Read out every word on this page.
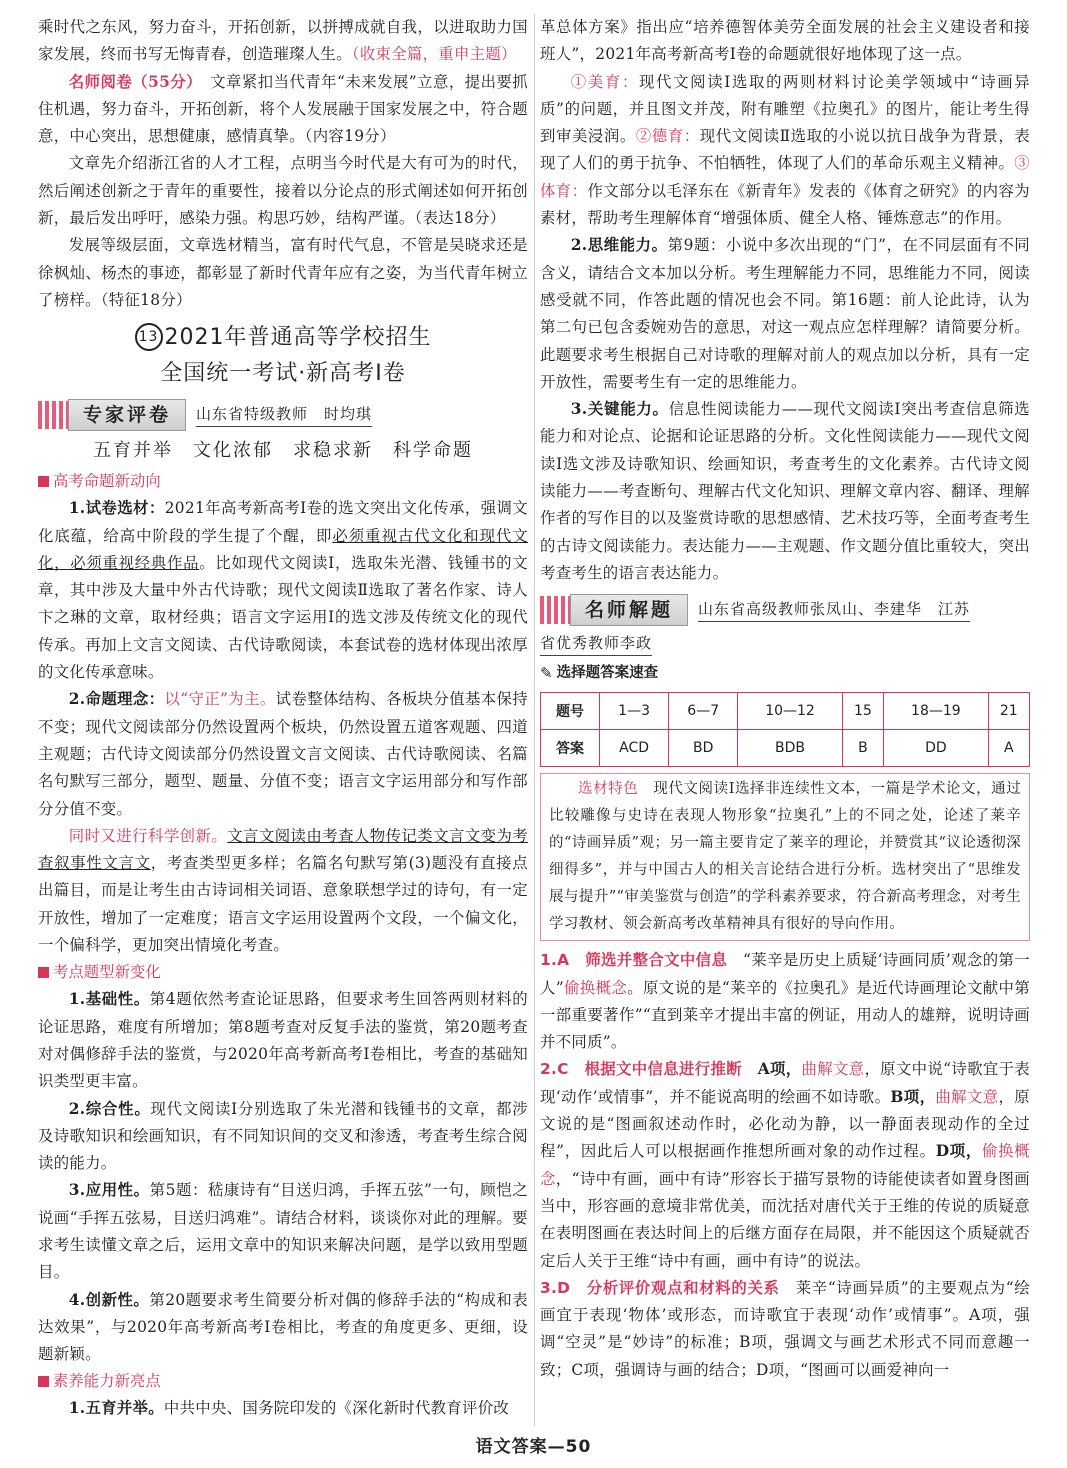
乘时代之东风，努力奋斗，开拓创新，以拼搏成就自我，以进取助力国家发展，终而书写无悔青春，创造璀璨人生。（收束全篇，重申主题）

名师阅卷（55分）　 文章紧扣当代青年“未来发展”立意，提出要抓住机遇，努力奋斗，开拓创新，将个人发展融于国家发展之中，符合题意，中心突出，思想健康，感情真挚。（内容19分）

文章先介绍浙江省的人才工程，点明当今时代是大有可为的时代，然后阐述创新之于青年的重要性，接着以分论点的形式阐述如何开拓创新，最后发出呼吁，感染力强。构思巧妙，结构严谨。（表达18分）

发展等级层面，文章选材精当，富有时代气息，不管是吴晓求还是徐枫灿、杨杰的事迹，都彰显了新时代青年应有之姿，为当代青年树立了榜样。（特征18分）

13 2021年普通高等学校招生
全国统一考试·新高考Ⅰ卷
专家评卷	山东省特级教师　时均琪
五育并举 文化浓郁 求稳求新 科学命题
高考命题新动向

1.试卷选材：2021年高考新高考Ⅰ卷的选文突出文化传承，强调文化底蕴，给高中阶段的学生提了个醒，即必须重视古代文化和现代文化，必须重视经典作品。比如现代文阅读Ⅰ，选取朱光潜、钱锺书的文章，其中涉及大量中外古代诗歌；现代文阅读Ⅱ选取了著名作家、诗人卞之琳的文章，取材经典；语言文字运用Ⅰ的选文涉及传统文化的现代传承。再加上文言文阅读、古代诗歌阅读，本套试卷的选材体现出浓厚的文化传承意味。

2.命题理念：以“守正”为主。试卷整体结构、各板块分值基本保持不变；现代文阅读部分仍然设置两个板块，仍然设置五道客观题、四道主观题；古代诗文阅读部分仍然设置文言文阅读、古代诗歌阅读、名篇名句默写三部分，题型、题量、分值不变；语言文字运用部分和写作部分分值不变。

同时又进行科学创新。文言文阅读由考查人物传记类文言文变为考查叙事性文言文，考查类型更多样；名篇名句默写第(3)题没有直接点出篇目，而是让考生由古诗词相关词语、意象联想学过的诗句，有一定开放性，增加了一定难度；语言文字运用设置两个文段，一个偏文化，一个偏科学，更加突出情境化考查。

考点题型新变化

1.基础性。第4题依然考查论证思路，但要求考生回答两则材料的论证思路，难度有所增加；第8题考查对反复手法的鉴赏，第20题考查对对偶修辞手法的鉴赏，与2020年高考新高考Ⅰ卷相比，考查的基础知识类型更丰富。

2.综合性。现代文阅读Ⅰ分别选取了朱光潜和钱锺书的文章，都涉及诗歌知识和绘画知识，有不同知识间的交叉和渗透，考查考生综合阅读的能力。

3.应用性。第5题：嵇康诗有“目送归鸿，手挥五弦”一句，顾恺之说画“手挥五弦易，目送归鸿难”。请结合材料，谈谈你对此的理解。要求考生读懂文章之后，运用文章中的知识来解决问题，是学以致用型题目。

4.创新性。第20题要求考生简要分析对偶的修辞手法的“构成和表达效果”，与2020年高考新高考Ⅰ卷相比，考查的角度更多、更细，设题新颖。

素养能力新亮点

1.五育并举。中共中央、国务院印发的《深化新时代教育评价改

革总体方案》指出应“培养德智体美劳全面发展的社会主义建设者和接班人”，2021年高考新高考Ⅰ卷的命题就很好地体现了这一点。

①美育：现代文阅读Ⅰ选取的两则材料讨论美学领域中“诗画异质”的问题，并且图文并茂，附有雕塑《拉奥孔》的图片，能让考生得到审美浸润。②德育：现代文阅读Ⅱ选取的小说以抗日战争为背景，表现了人们的勇于抗争、不怕牺牲，体现了人们的革命乐观主义精神。③体育：作文部分以毛泽东在《新青年》发表的《体育之研究》的内容为素材，帮助考生理解体育“增强体质、健全人格、锤炼意志”的作用。

2.思维能力。第9题：小说中多次出现的“门”，在不同层面有不同含义，请结合文本加以分析。考生理解能力不同，思维能力不同，阅读感受就不同，作答此题的情况也会不同。第16题：前人论此诗，认为第二句已包含委婉劝告的意思，对这一观点应怎样理解？请简要分析。此题要求考生根据自己对诗歌的理解对前人的观点加以分析，具有一定开放性，需要考生有一定的思维能力。

3.关键能力。信息性阅读能力——现代文阅读Ⅰ突出考查信息筛选能力和对论点、论据和论证思路的分析。文化性阅读能力——现代文阅读Ⅰ选文涉及诗歌知识、绘画知识，考查考生的文化素养。古代诗文阅读能力——考查断句、理解古代文化知识、理解文章内容、翻译、理解作者的写作目的以及鉴赏诗歌的思想感情、艺术技巧等，全面考查考生的古诗文阅读能力。表达能力——主观题、作文题分值比重较大，突出考查考生的语言表达能力。

名师解题	山东省高级教师张凤山、李建华　江苏
省优秀教师李政
✎ 选择题答案速查
题号	1—3	6—7	10—12	15	18—19	21
答案	ACD	BD	BDB	B	DD	A

选材特色　 现代文阅读Ⅰ选择非连续性文本，一篇是学术论文，通过比较雕像与史诗在表现人物形象“拉奥孔”上的不同之处，论述了莱辛的“诗画异质”观；另一篇主要肯定了莱辛的理论，并赞赏其“议论透彻深细得多”，并与中国古人的相关言论结合进行分析。选材突出了“思维发展与提升”“审美鉴赏与创造”的学科素养要求，符合新高考理念，对考生学习教材、领会新高考改革精神具有很好的导向作用。

1.A　筛选并整合文中信息　 “莱辛是历史上质疑‘诗画同质’观念的第一人”偷换概念。原文说的是“莱辛的《拉奥孔》是近代诗画理论文献中第一部重要著作”“直到莱辛才提出丰富的例证，用动人的雄辩，说明诗画并不同质”。

2.C　根据文中信息进行推断　 A项，曲解文意，原文中说“诗歌宜于表现‘动作’或情事”，并不能说高明的绘画不如诗歌。B项，曲解文意，原文说的是“图画叙述动作时，必化动为静，以一静面表现动作的全过程”，因此后人可以根据画作推想所画对象的动作过程。D项，偷换概念，“诗中有画，画中有诗”形容长于描写景物的诗能使读者如置身图画当中，形容画的意境非常优美，而沈括对唐代关于王维的传说的质疑意在表明图画在表达时间上的后继方面存在局限，并不能因这个质疑就否定后人关于王维“诗中有画，画中有诗”的说法。

3.D　分析评价观点和材料的关系　 莱辛“诗画异质”的主要观点为“绘画宜于表现‘物体’或形态，而诗歌宜于表现‘动作’或情事”。A项，强调“空灵”是“妙诗”的标准；B项，强调文与画艺术形式不同而意趣一致；C项，强调诗与画的结合；D项，“图画可以画爱神向一

语文答案—50
